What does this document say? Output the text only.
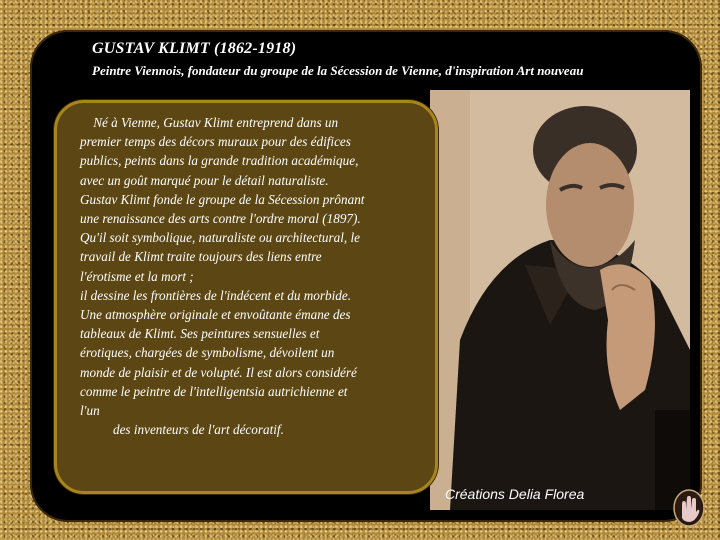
GUSTAV KLIMT (1862-1918)
Peintre Viennois, fondateur du groupe de la Sécession de Vienne, d'inspiration Art nouveau

Né à Vienne, Gustav Klimt entreprend dans un
premier temps des décors muraux pour des édifices
publics, peints dans la grande tradition académique,
avec un goût marqué pour le détail naturaliste.
Gustav Klimt fonde le groupe de la Sécession prônant
une renaissance des arts contre l'ordre moral (1897).
Qu'il soit symbolique, naturaliste ou architectural, le
travail de Klimt traite toujours des liens entre
l'érotisme et la mort ;
il dessine les frontières de l'indécent et du morbide.
Une atmosphère originale et envoûtante émane des
tableaux de Klimt. Ses peintures sensuelles et
érotiques, chargées de symbolisme, dévoilent un
monde de plaisir et de volupté. Il est alors considéré
comme le peintre de l'intelligentsia autrichienne et
l'un
des inventeurs de l'art décoratif.

Créations Delia Florea
